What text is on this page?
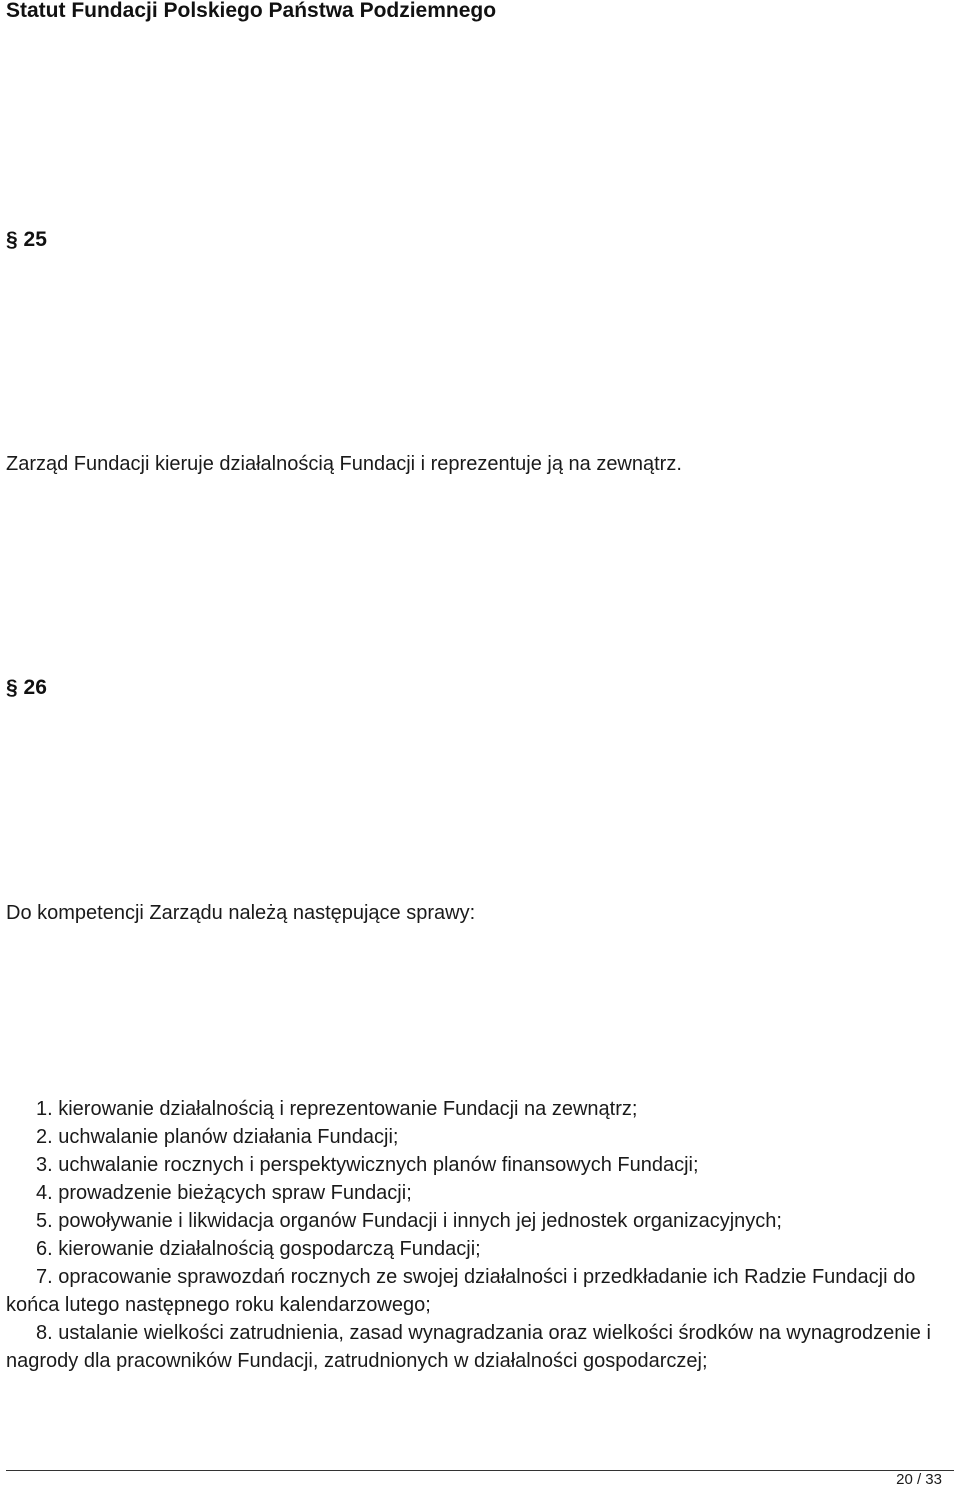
Statut Fundacji Polskiego Państwa Podziemnego
§ 25
Zarząd Fundacji kieruje działalnością Fundacji i reprezentuje ją na zewnątrz.
§ 26
Do kompetencji Zarządu należą następujące sprawy:
1. kierowanie działalnością i reprezentowanie Fundacji na zewnątrz;
2. uchwalanie planów działania Fundacji;
3. uchwalanie rocznych i perspektywicznych planów finansowych Fundacji;
4. prowadzenie bieżących spraw Fundacji;
5. powoływanie i likwidacja organów Fundacji i innych jej jednostek organizacyjnych;
6. kierowanie działalnością gospodarczą Fundacji;
7. opracowanie sprawozdań rocznych ze swojej działalności i przedkładanie ich Radzie Fundacji do końca lutego następnego roku kalendarzowego;
8. ustalanie wielkości zatrudnienia, zasad wynagradzania oraz wielkości środków na wynagrodzenie i nagrody dla pracowników Fundacji, zatrudnionych w działalności gospodarczej;
20 / 33
